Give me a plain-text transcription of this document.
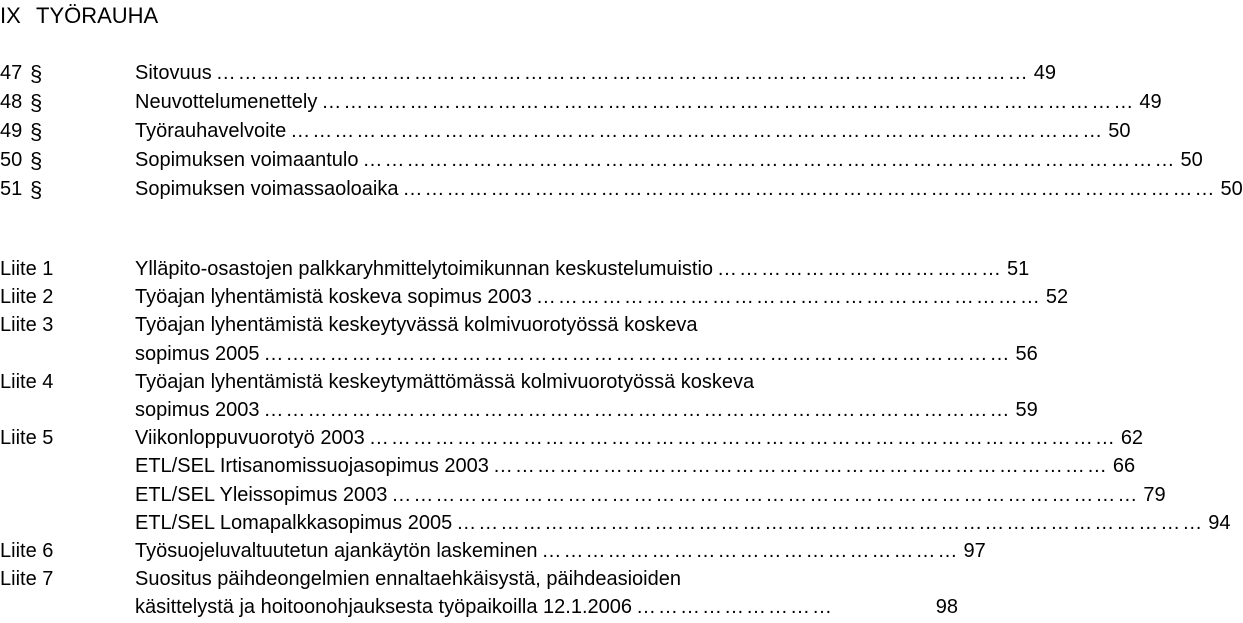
IX TYÖRAUHA
47 §	Sitovuus ………………………………………………………………………………………………… 49
48 §	Neuvottelumenettely ………………………………………………………………………………………………… 49
49 §	Työrauhavelvoite ………………………………………………………………………………………………… 50
50 §	Sopimuksen voimaantulo ………………………………………………………………………………………………… 50
51 §	Sopimuksen voimassaoloaika ………………………………………………………………………………………………… 50
Liite 1	Ylläpito-osastojen palkkaryhmittelytoimikunnan keskustelumuistio ………………………………… 51
Liite 2	Työajan lyhentämistä koskeva sopimus 2003 …………………………………………………………… 52
Liite 3	Työajan lyhentämistä keskeytyvässä kolmivuorotyössä koskeva
sopimus 2005 ………………………………………………………………………………………… 56
Liite 4	Työajan lyhentämistä keskeytymättömässä kolmivuorotyössä koskeva
sopimus 2003 ………………………………………………………………………………………… 59
Liite 5	Viikonloppuvuorotyö 2003 ………………………………………………………………………………………… 62
ETL/SEL Irtisanomissuojasopimus 2003 ………………………………………………………………………… 66
ETL/SEL Yleissopimus 2003 ………………………………………………………………………………………… 79
ETL/SEL Lomapalkkasopimus 2005 ………………………………………………………………………………………… 94
Liite 6	Työsuojeluvaltuutetun ajankäytön laskeminen ………………………………………………… 97
Liite 7	Suositus päihdeongelmien ennaltaehkäisystä, päihdeasioiden
käsittelystä ja hoitoonohjauksesta työpaikoilla 12.1.2006 ………………………	98
